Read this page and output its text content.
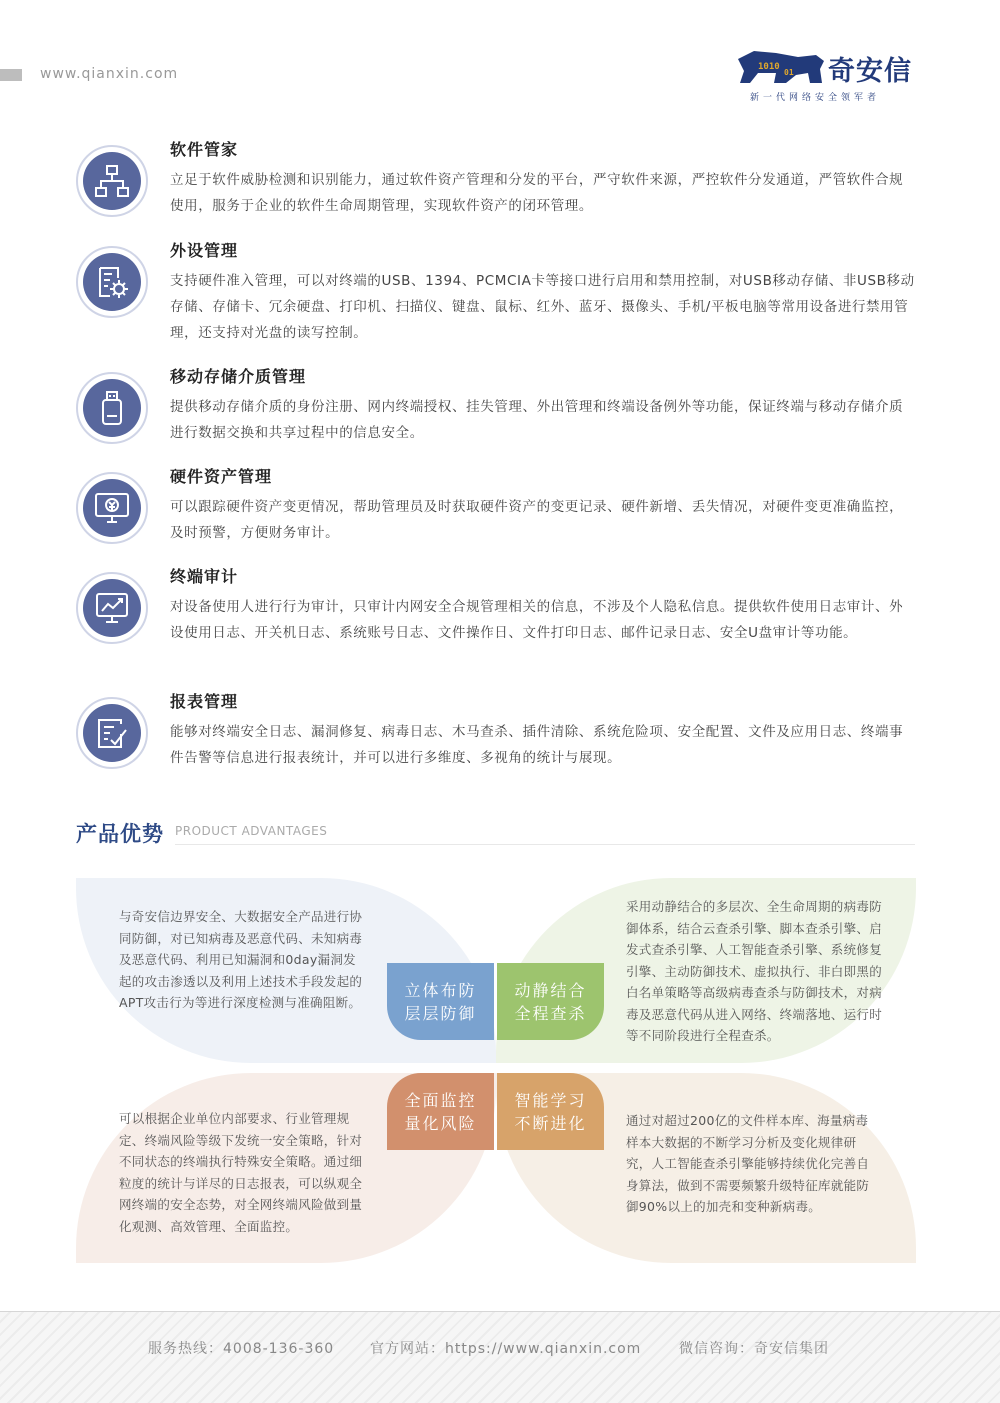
www.qianxin.com	1010
01 奇安信
新一代网络安全领军者
软件管家

立足于软件威胁检测和识别能力，通过软件资产管理和分发的平台，严守软件来源，严控软件分发通道，严管软件合规使用，服务于企业的软件生命周期管理，实现软件资产的闭环管理。

外设管理

支持硬件准入管理，可以对终端的USB、1394、PCMCIA卡等接口进行启用和禁用控制，对USB移动存储、非USB移动存储、存储卡、冗余硬盘、打印机、扫描仪、键盘、鼠标、红外、蓝牙、摄像头、手机/平板电脑等常用设备进行禁用管理，还支持对光盘的读写控制。

移动存储介质管理

提供移动存储介质的身份注册、网内终端授权、挂失管理、外出管理和终端设备例外等功能，保证终端与移动存储介质进行数据交换和共享过程中的信息安全。

硬件资产管理

可以跟踪硬件资产变更情况，帮助管理员及时获取硬件资产的变更记录、硬件新增、丢失情况，对硬件变更准确监控，及时预警，方便财务审计。

终端审计

对设备使用人进行行为审计，只审计内网安全合规管理相关的信息，不涉及个人隐私信息。提供软件使用日志审计、外设使用日志、开关机日志、系统账号日志、文件操作日、文件打印日志、邮件记录日志、安全U盘审计等功能。

报表管理

能够对终端安全日志、漏洞修复、病毒日志、木马查杀、插件清除、系统危险项、安全配置、文件及应用日志、终端事件告警等信息进行报表统计，并可以进行多维度、多视角的统计与展现。

产品优势 PRODUCT ADVANTAGES

与奇安信边界安全、大数据安全产品进行协同防御，对已知病毒及恶意代码、未知病毒及恶意代码、利用已知漏洞和0day漏洞发起的攻击渗透以及利用上述技术手段发起的APT攻击行为等进行深度检测与准确阻断。

采用动静结合的多层次、全生命周期的病毒防御体系，结合云查杀引擎、脚本查杀引擎、启发式查杀引擎、人工智能查杀引擎、系统修复引擎、主动防御技术、虚拟执行、非白即黑的白名单策略等高级病毒查杀与防御技术，对病毒及恶意代码从进入网络、终端落地、运行时等不同阶段进行全程查杀。

可以根据企业单位内部要求、行业管理规定、终端风险等级下发统一安全策略，针对不同状态的终端执行特殊安全策略。通过细粒度的统计与详尽的日志报表，可以纵观全网终端的安全态势，对全网终端风险做到量化观测、高效管理、全面监控。

通过对超过200亿的文件样本库、海量病毒样本大数据的不断学习分析及变化规律研究，人工智能查杀引擎能够持续优化完善自身算法，做到不需要频繁升级特征库就能防御90%以上的加壳和变种新病毒。

立体布防
层层防御
动静结合
全程查杀
全面监控
量化风险
智能学习
不断进化
服务热线：4008-136-360	官方网站：https://www.qianxin.com	微信咨询：奇安信集团
